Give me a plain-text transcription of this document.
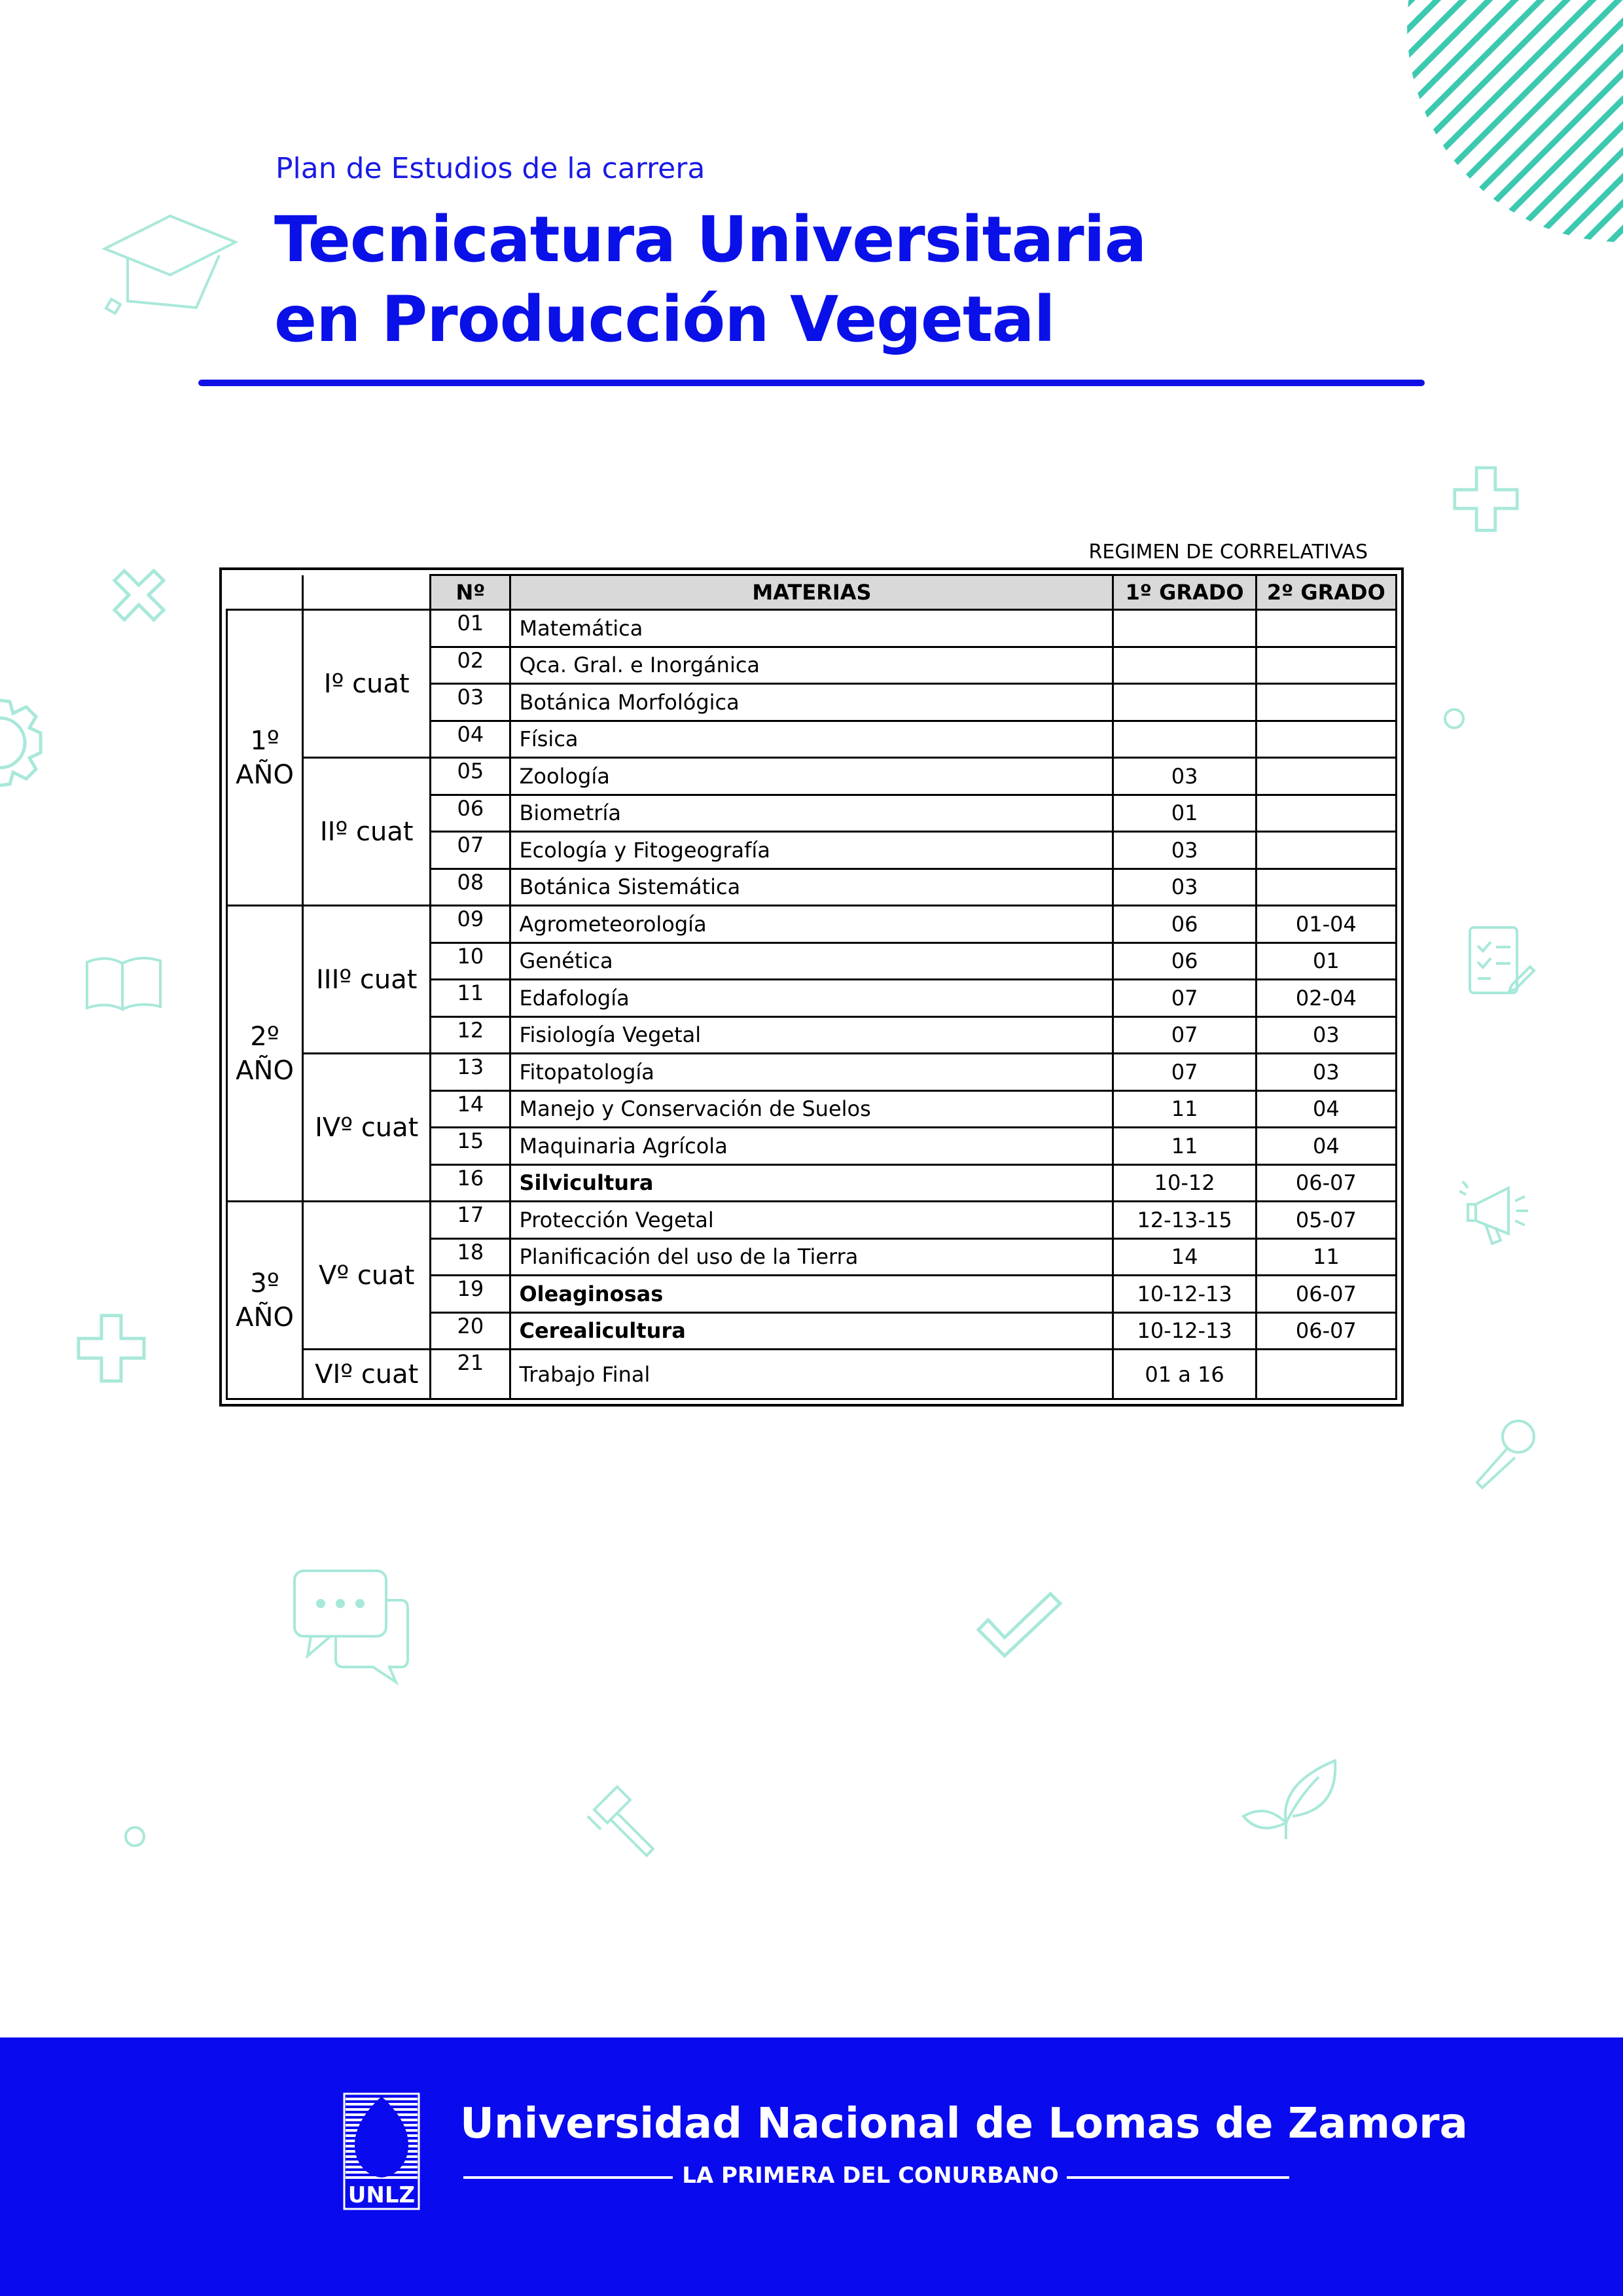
Plan de Estudios de la carrera
Tecnicatura Universitaria
en Producción Vegetal
REGIMEN DE CORRELATIVAS
		Nº	MATERIAS	1º GRADO	2º GRADO
1º
AÑO	Iº cuat	01	Matemática		
		02	Qca. Gral. e Inorgánica		
		03	Botánica Morfológica		
		04	Física		
	IIº cuat	05	Zoología	03	
		06	Biometría	01	
		07	Ecología y Fitogeografía	03	
		08	Botánica Sistemática	03	
2º
AÑO	IIIº cuat	09	Agrometeorología	06	01-04
		10	Genética	06	01
		11	Edafología	07	02-04
		12	Fisiología Vegetal	07	03
	IVº cuat	13	Fitopatología	07	03
		14	Manejo y Conservación de Suelos	11	04
		15	Maquinaria Agrícola	11	04
		16	Silvicultura	10-12	06-07
3º
AÑO	Vº cuat	17	Protección Vegetal	12-13-15	05-07
		18	Planificación del uso de la Tierra	14	11
		19	Oleaginosas	10-12-13	06-07
		20	Cerealicultura	10-12-13	06-07
	VIº cuat	21	Trabajo Final	01 a 16	
UNLZ
Universidad Nacional de Lomas de Zamora
LA PRIMERA DEL CONURBANO
